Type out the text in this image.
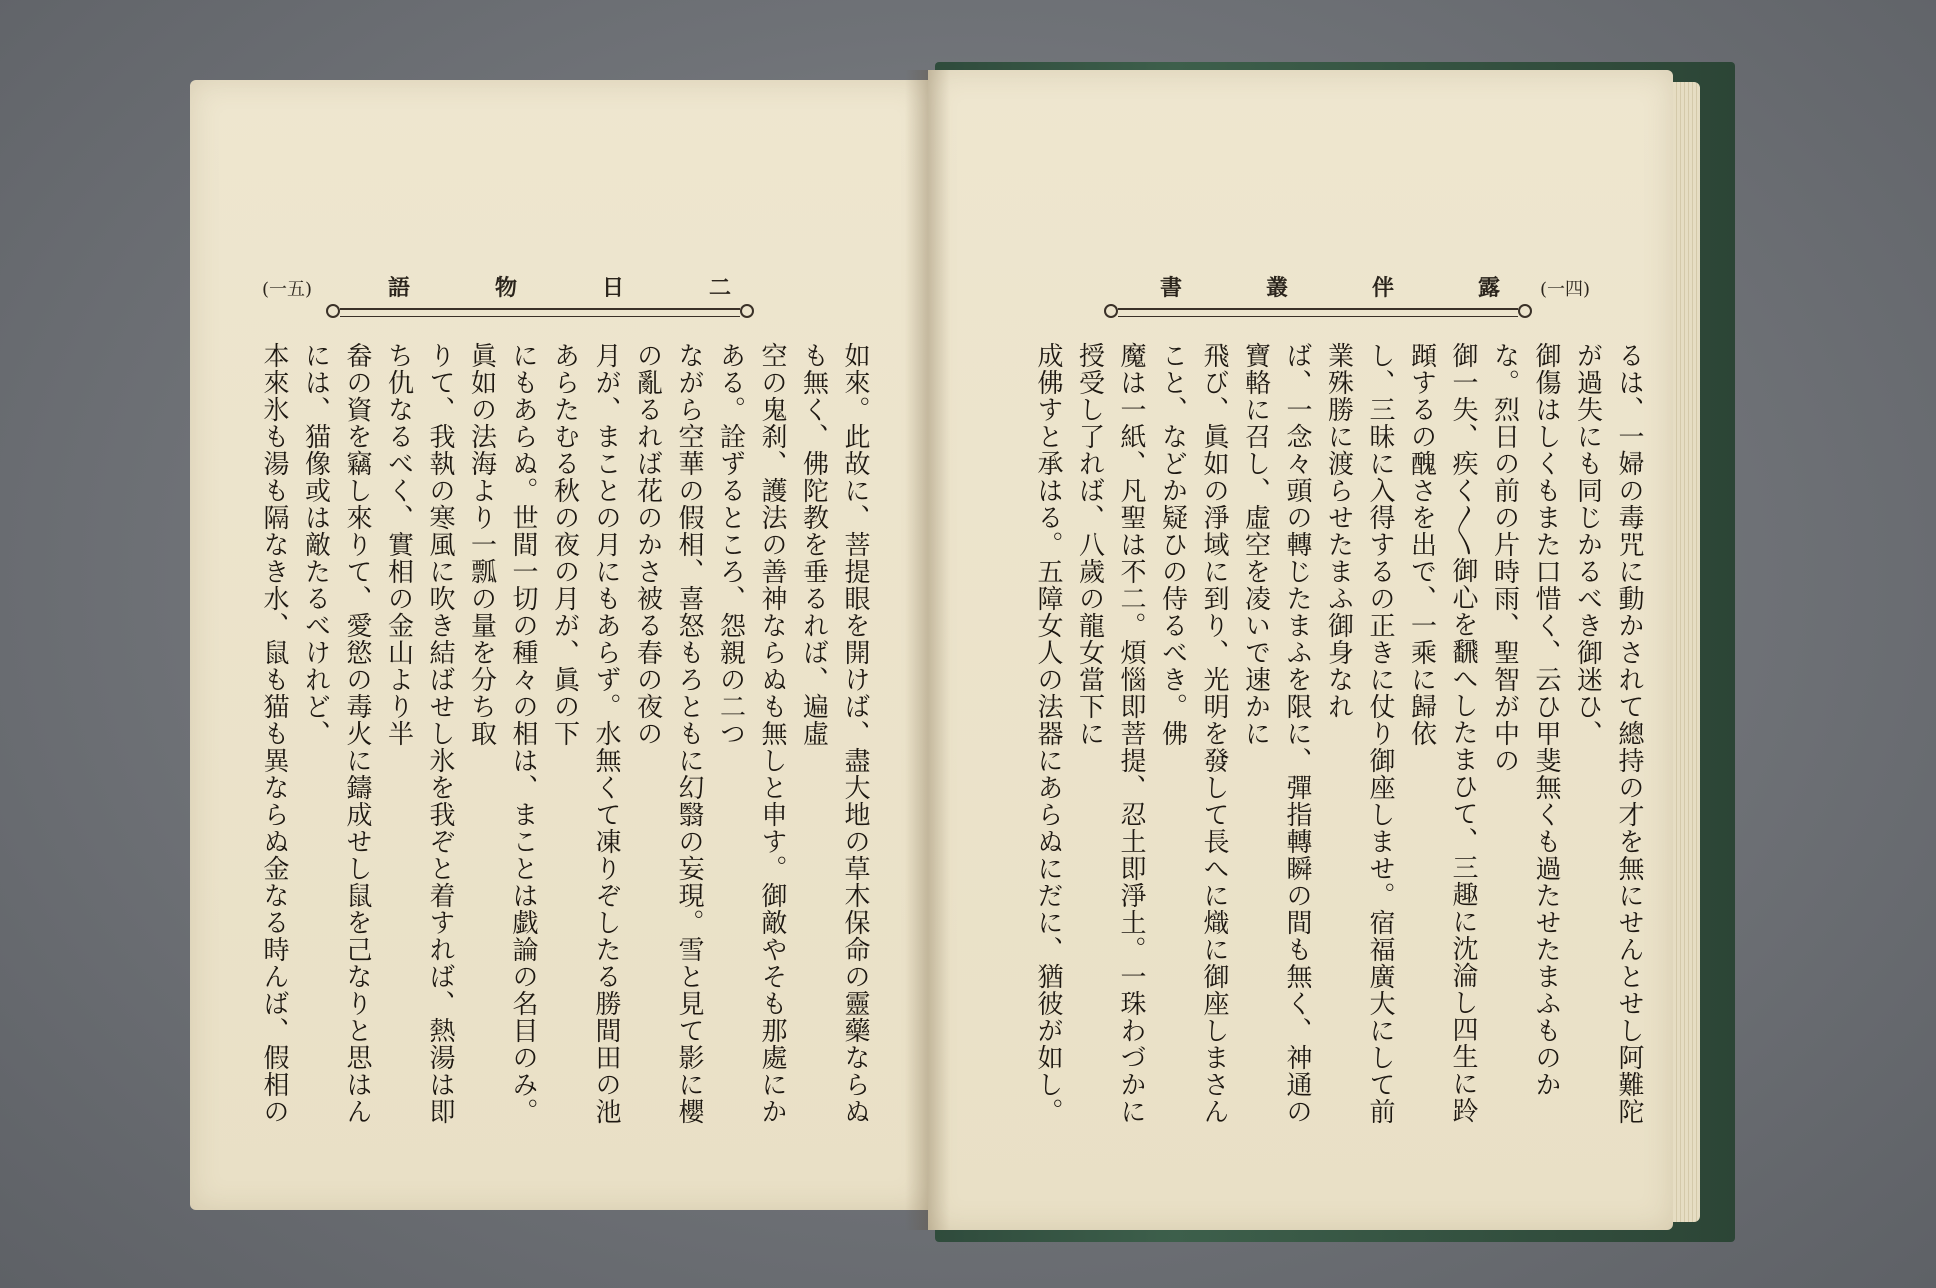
(一五)	語	物	日	二

如來。此故に、菩提眼を開けば、盡大地の草木保命の靈藥ならぬも無く、佛陀教を垂るれば、遍虛

空の鬼刹、護法の善神ならぬも無しと申す。御敵やそも那處にかある。詮ずるところ、怨親の二つ

ながら空華の假相、喜怒もろともに幻翳の妄現。雪と見て影に櫻の亂るれば花のかさ被る春の夜の

月が、まことの月にもあらず。水無くて凍りぞしたる勝間田の池あらたむる秋の夜の月が、眞の下

にもあらぬ。世間一切の種々の相は、まことは戯論の名目のみ。眞如の法海より一瓢の量を分ち取

りて、我執の寒風に吹き結ばせし氷を我ぞと着すれば、熱湯は即ち仇なるべく、實相の金山より半

畚の資を竊し來りて、愛慾の毒火に鑄成せし鼠を己なりと思はんには、猫像或は敵たるべけれど、

本來氷も湯も隔なき水、鼠も猫も異ならぬ金なる時んば、假相の

書	叢	伴	露 (一四)

るは、一婦の毒咒に動かされて總持の才を無にせんとせし阿難陀が過失にも同じかるべき御迷ひ、

御傷はしくもまた口惜く、云ひ甲斐無くも過たせたまふものかな。烈日の前の片時雨、聖智が中の

御一失、疾く〳〵御心を飜へしたまひて、三趣に沈淪し四生に跉蹞するの醜さを出で、一乘に歸依

し、三昧に入得するの正きに仗り御座しませ。宿福廣大にして前業殊勝に渡らせたまふ御身なれ

ば、一念々頭の轉じたまふを限に、彈指轉瞬の間も無く、神通の寶輅に召し、虛空を凌いで速かに

飛び、眞如の淨域に到り、光明を發して長へに熾に御座しまさんこと、などか疑ひの侍るべき。佛

魔は一紙、凡聖は不二。煩惱即菩提、忍土即淨土。一珠わづかに授受し了れば、八歲の龍女當下に

成佛すと承はる。五障女人の法器にあらぬにだに、猶彼が如し。
